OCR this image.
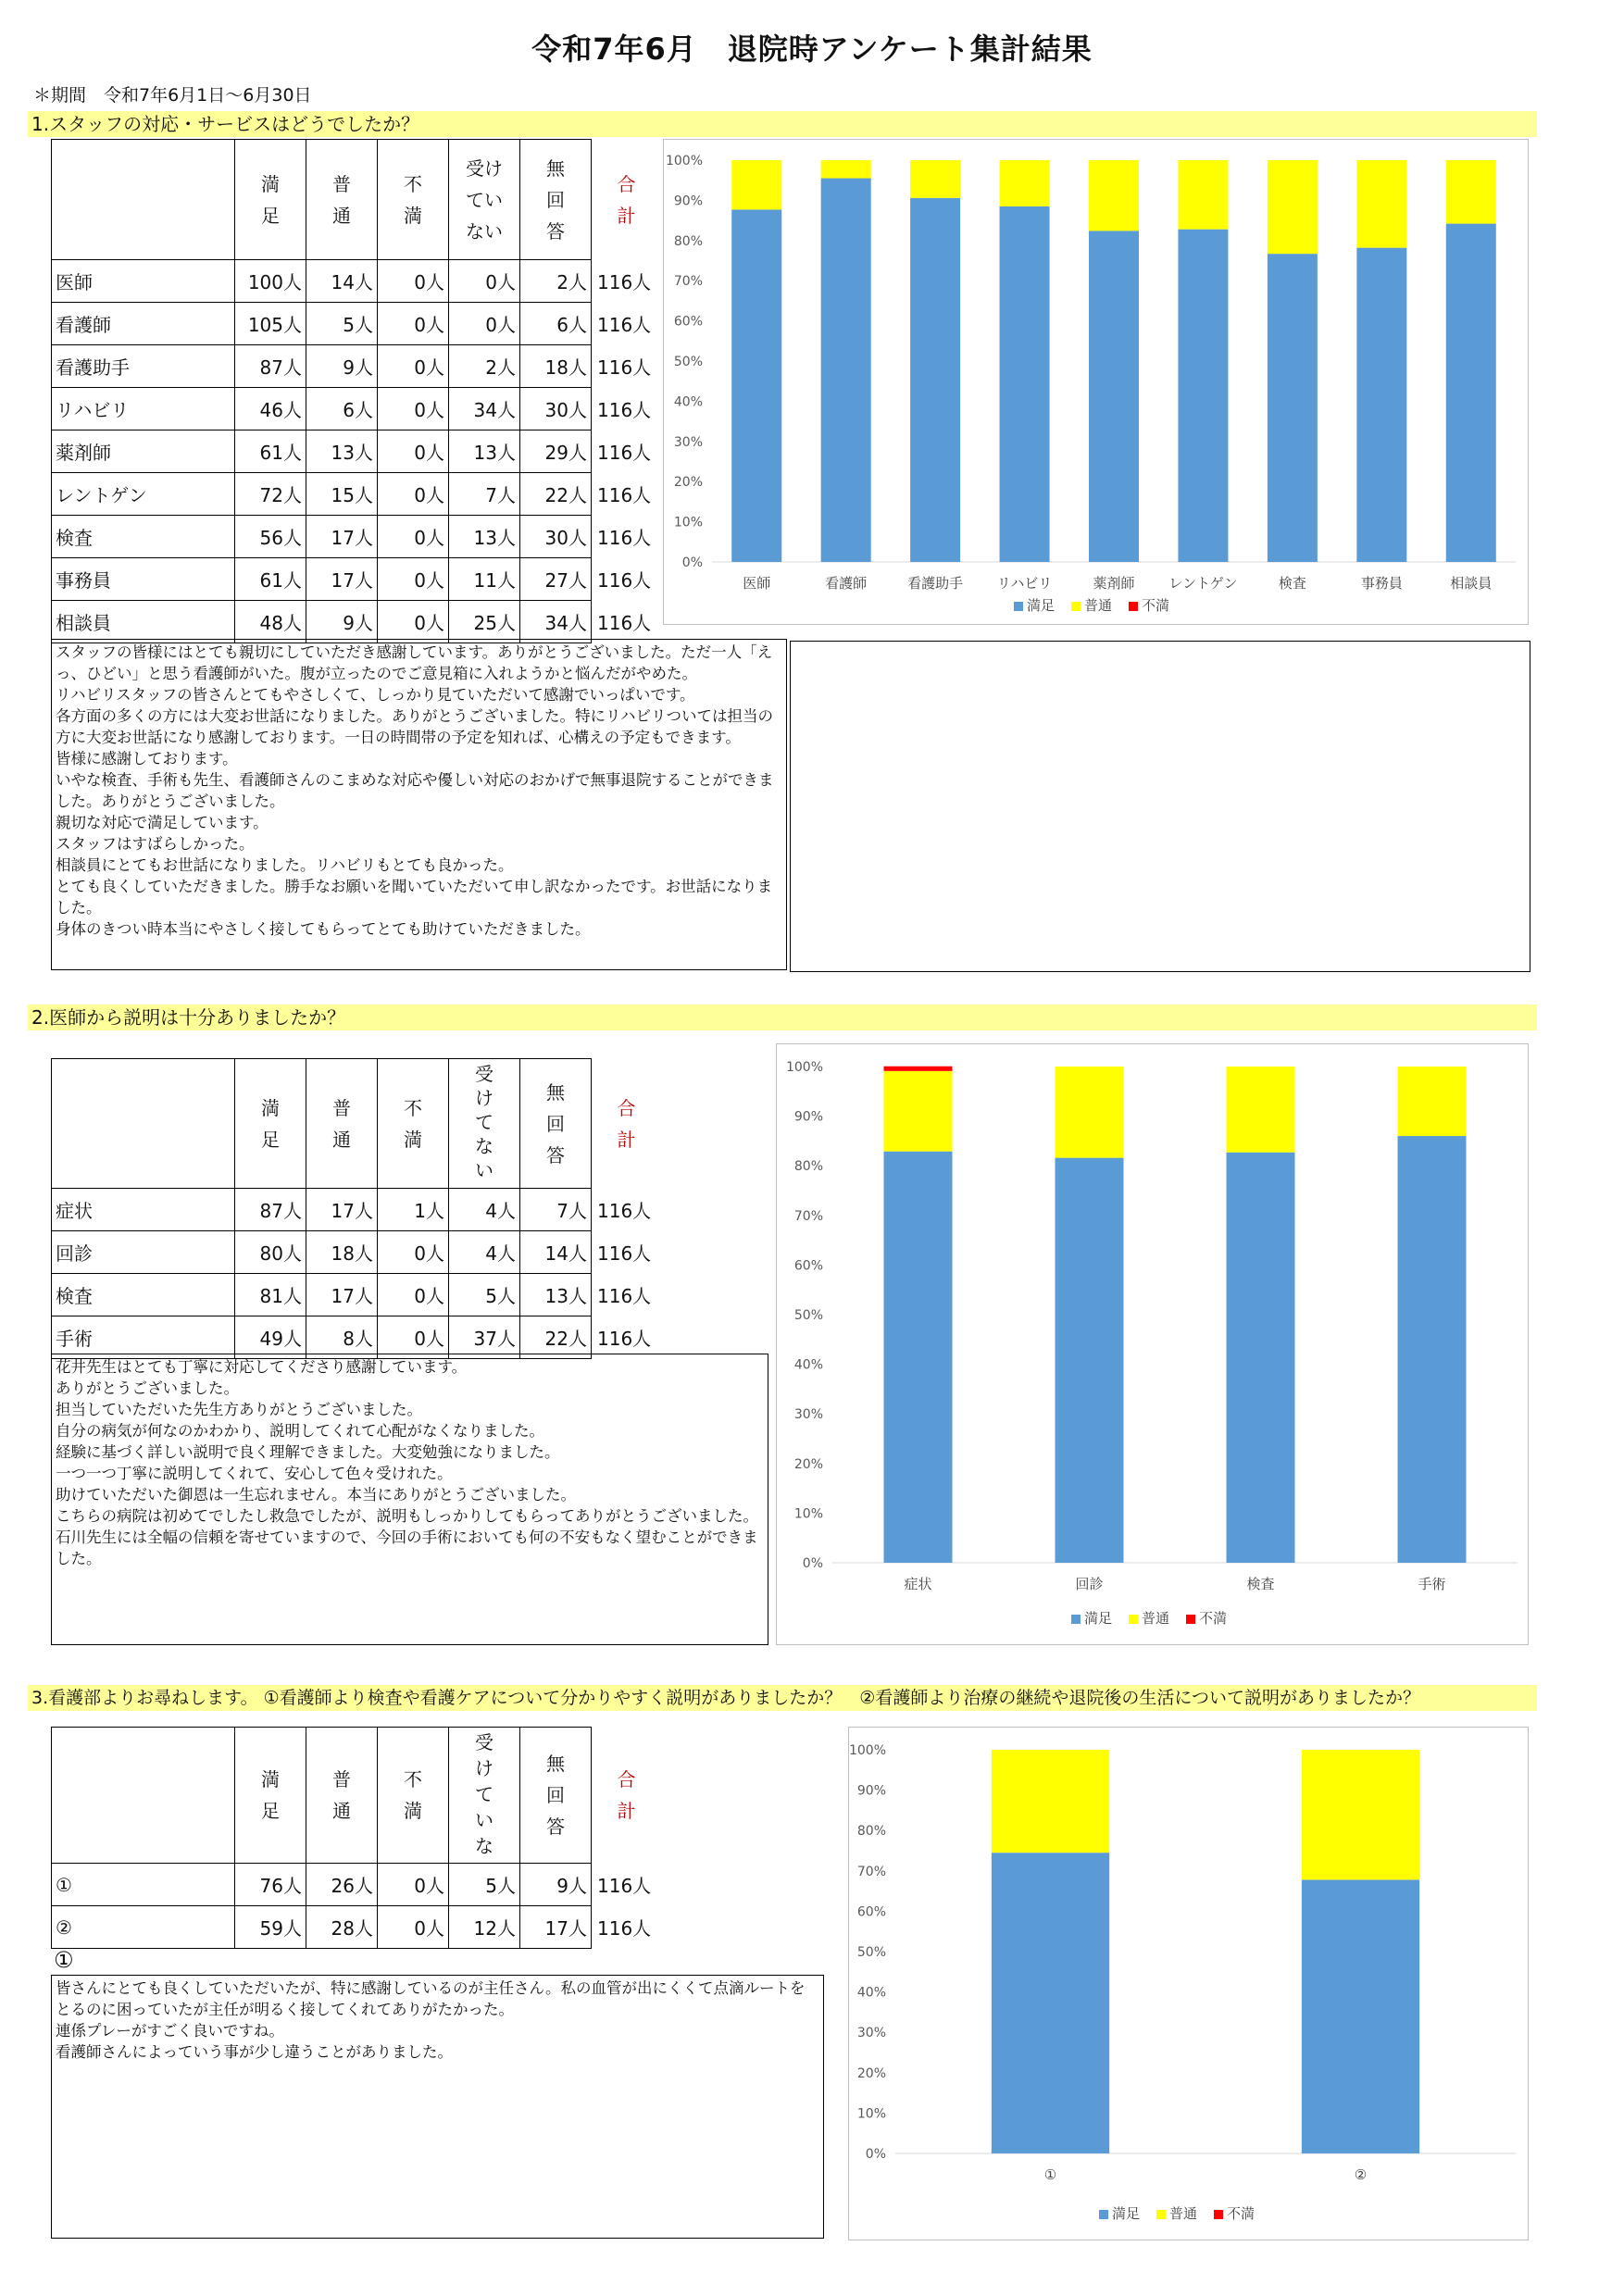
令和7年6月　退院時アンケート集計結果
＊期間　令和7年6月1日～6月30日
1.スタッフの対応・サービスはどうでしたか？
	満足	普通	不満	受けていない	無回答	合計
医師	100人	14人	0人	0人	2人	116人
看護師	105人	5人	0人	0人	6人	116人
看護助手	87人	9人	0人	2人	18人	116人
リハビリ	46人	6人	0人	34人	30人	116人
薬剤師	61人	13人	0人	13人	29人	116人
レントゲン	72人	15人	0人	7人	22人	116人
検査	56人	17人	0人	13人	30人	116人
事務員	61人	17人	0人	11人	27人	116人
相談員	48人	9人	0人	25人	34人	116人
0%
10%
20%
30%
40%
50%
60%
70%
80%
90%
100%
医師	看護師	看護助手 リハビリ	薬剤師 レントゲン	検査	事務員	相談員
満足 普通 不満
スタッフの皆様にはとても親切にしていただき感謝しています。ありがとうございました。ただ一人「えっ、ひどい」と思う看護師がいた。腹が立ったのでご意見箱に入れようかと悩んだがやめた。
リハビリスタッフの皆さんとてもやさしくて、しっかり見ていただいて感謝でいっぱいです。
各方面の多くの方には大変お世話になりました。ありがとうございました。特にリハビリついては担当の方に大変お世話になり感謝しております。一日の時間帯の予定を知れば、心構えの予定もできます。
皆様に感謝しております。
いやな検査、手術も先生、看護師さんのこまめな対応や優しい対応のおかげで無事退院することができました。ありがとうございました。
親切な対応で満足しています。
スタッフはすばらしかった。
相談員にとてもお世話になりました。リハビリもとても良かった。
とても良くしていただきました。勝手なお願いを聞いていただいて申し訳なかったです。お世話になりました。
身体のきつい時本当にやさしく接してもらってとても助けていただきました。
2.医師から説明は十分ありましたか？
	満足	普通	不満	受けてない	無回答	合計
症状	87人	17人	1人	4人	7人	116人
回診	80人	18人	0人	4人	14人	116人
検査	81人	17人	0人	5人	13人	116人
手術	49人	8人	0人	37人	22人	116人
0%
10%
20%
30%
40%
50%
60%
70%
80%
90%
100%
症状	回診	検査	手術
満足 普通 不満
花井先生はとても丁寧に対応してくださり感謝しています。
ありがとうございました。
担当していただいた先生方ありがとうございました。
自分の病気が何なのかわかり、説明してくれて心配がなくなりました。
経験に基づく詳しい説明で良く理解できました。大変勉強になりました。
一つ一つ丁寧に説明してくれて、安心して色々受けれた。
助けていただいた御恩は一生忘れません。本当にありがとうございました。
こちらの病院は初めてでしたし救急でしたが、説明もしっかりしてもらってありがとうございました。
石川先生には全幅の信頼を寄せていますので、今回の手術においても何の不安もなく望むことができました。
3.看護部よりお尋ねします。 ①看護師より検査や看護ケアについて分かりやすく説明がありましたか？　②看護師より治療の継続や退院後の生活について説明がありましたか？
	満足	普通	不満	受けていな	無回答	合計
①	76人	26人	0人	5人	9人	116人
②	59人	28人	0人	12人	17人	116人
①
皆さんにとても良くしていただいたが、特に感謝しているのが主任さん。私の血管が出にくくて点滴ルートをとるのに困っていたが主任が明るく接してくれてありがたかった。
連係プレーがすごく良いですね。
看護師さんによっていう事が少し違うことがありました。
0%
10%
20%
30%
40%
50%
60%
70%
80%
90%
100%
①	②
満足 普通 不満
